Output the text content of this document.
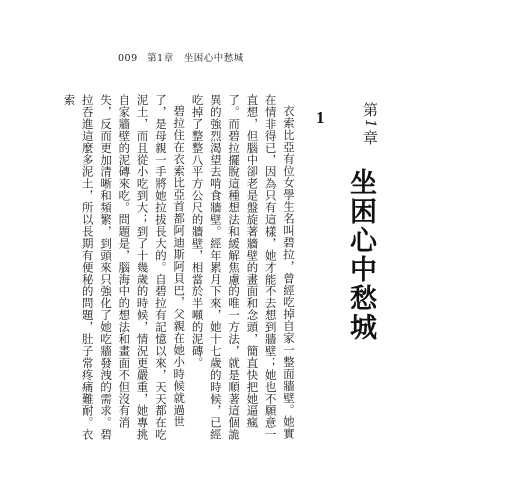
009 第1章　坐困心中愁城
第1章
1
坐困心中愁城

衣索比亞有位女學生名叫碧拉，曾經吃掉自家一整面牆壁。她實在情非得已，因為只有這樣，她才能不去想到牆壁；她也不願意一直想，但腦中卻老是盤旋著牆壁的畫面和念頭，簡直快把她逼瘋了。而碧拉擺脫這種想法和緩解焦慮的唯一方法，就是順著這個詭異的強烈渴望去啃食牆壁。經年累月下來，她十七歲的時候，已經吃掉了整整八平方公尺的牆壁，相當於半噸的泥磚。

碧拉住在衣索比亞首都阿迪斯阿貝巴，父親在她小時候就過世了，是母親一手將她拉拔長大的。自碧拉有記憶以來，天天都在吃泥土，而且從小吃到大；到了十幾歲的時候，情況更嚴重，她專挑自家牆壁的泥磚來吃。問題是，腦海中的想法和畫面不但沒有消失，反而更加清晰和頻繁，到頭來只強化了她吃牆發洩的需求。碧拉吞進這麼多泥土，所以長期有便秘的問題，肚子常疼痛難耐。衣索
